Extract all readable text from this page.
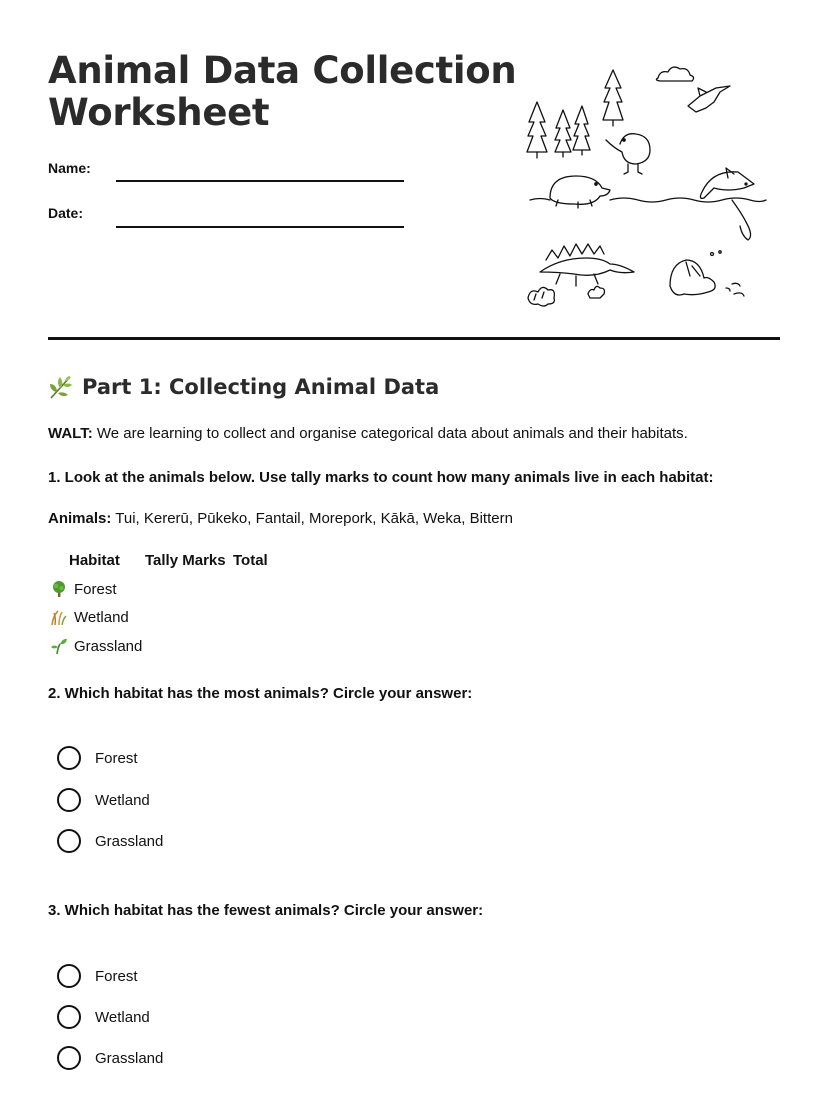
Animal Data Collection
Worksheet
Name:
Date:
Part 1: Collecting Animal Data
WALT: We are learning to collect and organise categorical data about animals and their habitats.
1. Look at the animals below. Use tally marks to count how many animals live in each habitat:
Animals: Tui, Kererū, Pūkeko, Fantail, Morepork, Kākā, Weka, Bittern
Habitat Tally Marks Total
Forest
Wetland
Grassland
2. Which habitat has the most animals? Circle your answer:
Forest
Wetland
Grassland
3. Which habitat has the fewest animals? Circle your answer:
Forest
Wetland
Grassland
